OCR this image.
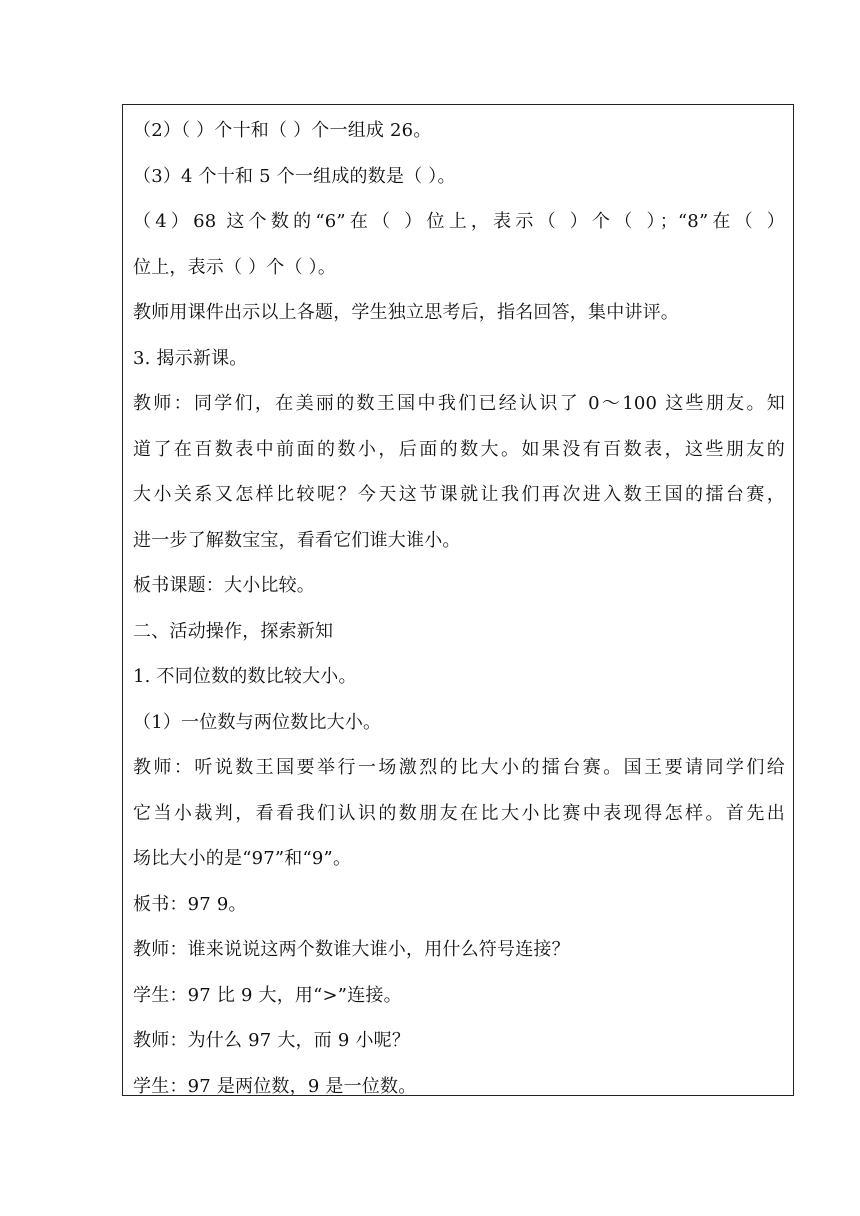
（2）（ ）个十和（ ）个一组成 26。
（3）4 个十和 5 个一组成的数是（ ）。
（4）68 这个数的“6”在（ ）位上，表示（ ）个（ ）；“8”在（ ）
位上，表示（ ）个（ ）。
教师用课件出示以上各题，学生独立思考后，指名回答，集中讲评。
3. 揭示新课。
教师：同学们，在美丽的数王国中我们已经认识了 0～100 这些朋友。知
道了在百数表中前面的数小，后面的数大。如果没有百数表，这些朋友的
大小关系又怎样比较呢？今天这节课就让我们再次进入数王国的擂台赛，
进一步了解数宝宝，看看它们谁大谁小。
板书课题：大小比较。
二、活动操作，探索新知
1. 不同位数的数比较大小。
（1）一位数与两位数比大小。
教师：听说数王国要举行一场激烈的比大小的擂台赛。国王要请同学们给
它当小裁判，看看我们认识的数朋友在比大小比赛中表现得怎样。首先出
场比大小的是“97”和“9”。
板书：97 9。
教师：谁来说说这两个数谁大谁小，用什么符号连接？
学生：97 比 9 大，用“>”连接。
教师：为什么 97 大，而 9 小呢？
学生：97 是两位数，9 是一位数。
